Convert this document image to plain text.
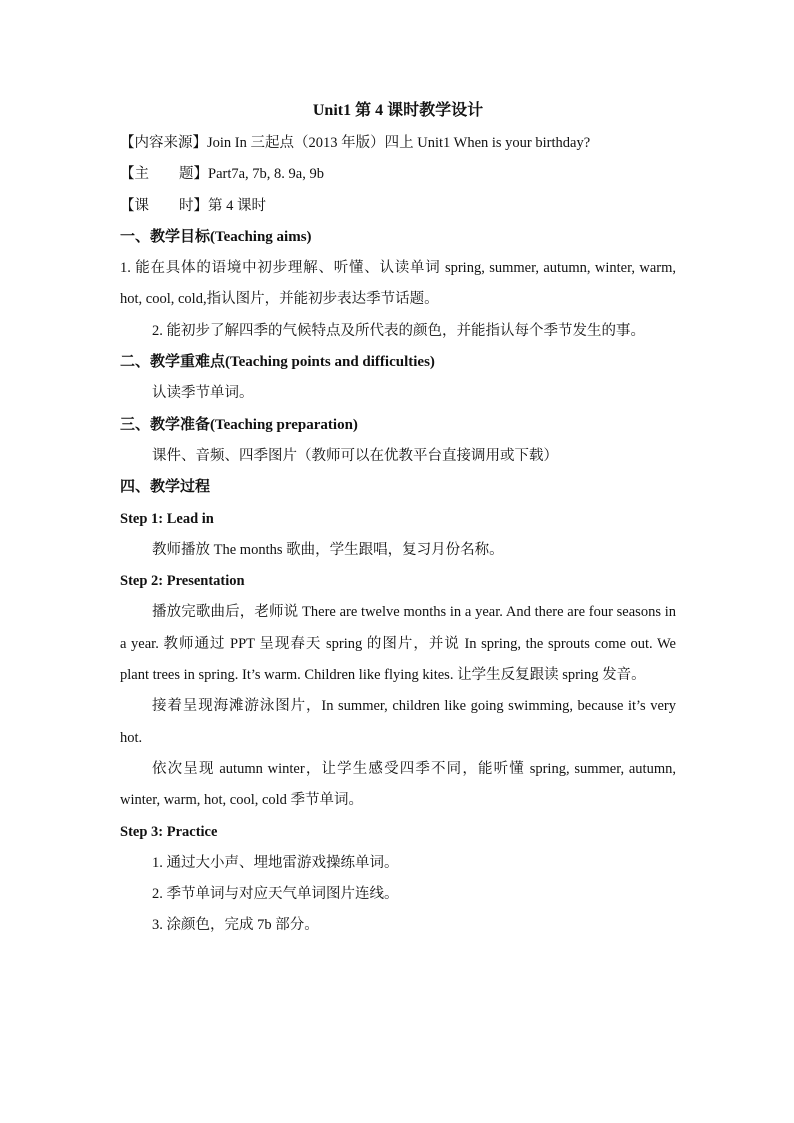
Unit1 第 4 课时教学设计
【内容来源】Join In 三起点（2013 年版）四上 Unit1 When is your birthday?
【主 题】Part7a, 7b, 8. 9a, 9b
【课 时】第 4 课时
一、教学目标(Teaching aims)
1. 能在具体的语境中初步理解、听懂、认读单词 spring, summer, autumn, winter, warm, hot, cool, cold,指认图片，并能初步表达季节话题。
2. 能初步了解四季的气候特点及所代表的颜色，并能指认每个季节发生的事。
二、教学重难点(Teaching points and difficulties)
认读季节单词。
三、教学准备(Teaching preparation)
课件、音频、四季图片（教师可以在优教平台直接调用或下载）
四、教学过程
Step 1: Lead in
教师播放 The months 歌曲，学生跟唱，复习月份名称。
Step 2: Presentation
播放完歌曲后，老师说 There are twelve months in a year. And there are four seasons in a year. 教师通过 PPT 呈现春天 spring 的图片，并说 In spring, the sprouts come out. We plant trees in spring. It’s warm. Children like flying kites. 让学生反复跟读 spring 发音。
接着呈现海滩游泳图片，In summer, children like going swimming, because it’s very hot.
依次呈现 autumn winter，让学生感受四季不同，能听懂 spring, summer, autumn, winter, warm, hot, cool, cold 季节单词。
Step 3: Practice
1. 通过大小声、埋地雷游戏操练单词。
2. 季节单词与对应天气单词图片连线。
3. 涂颜色，完成 7b 部分。
